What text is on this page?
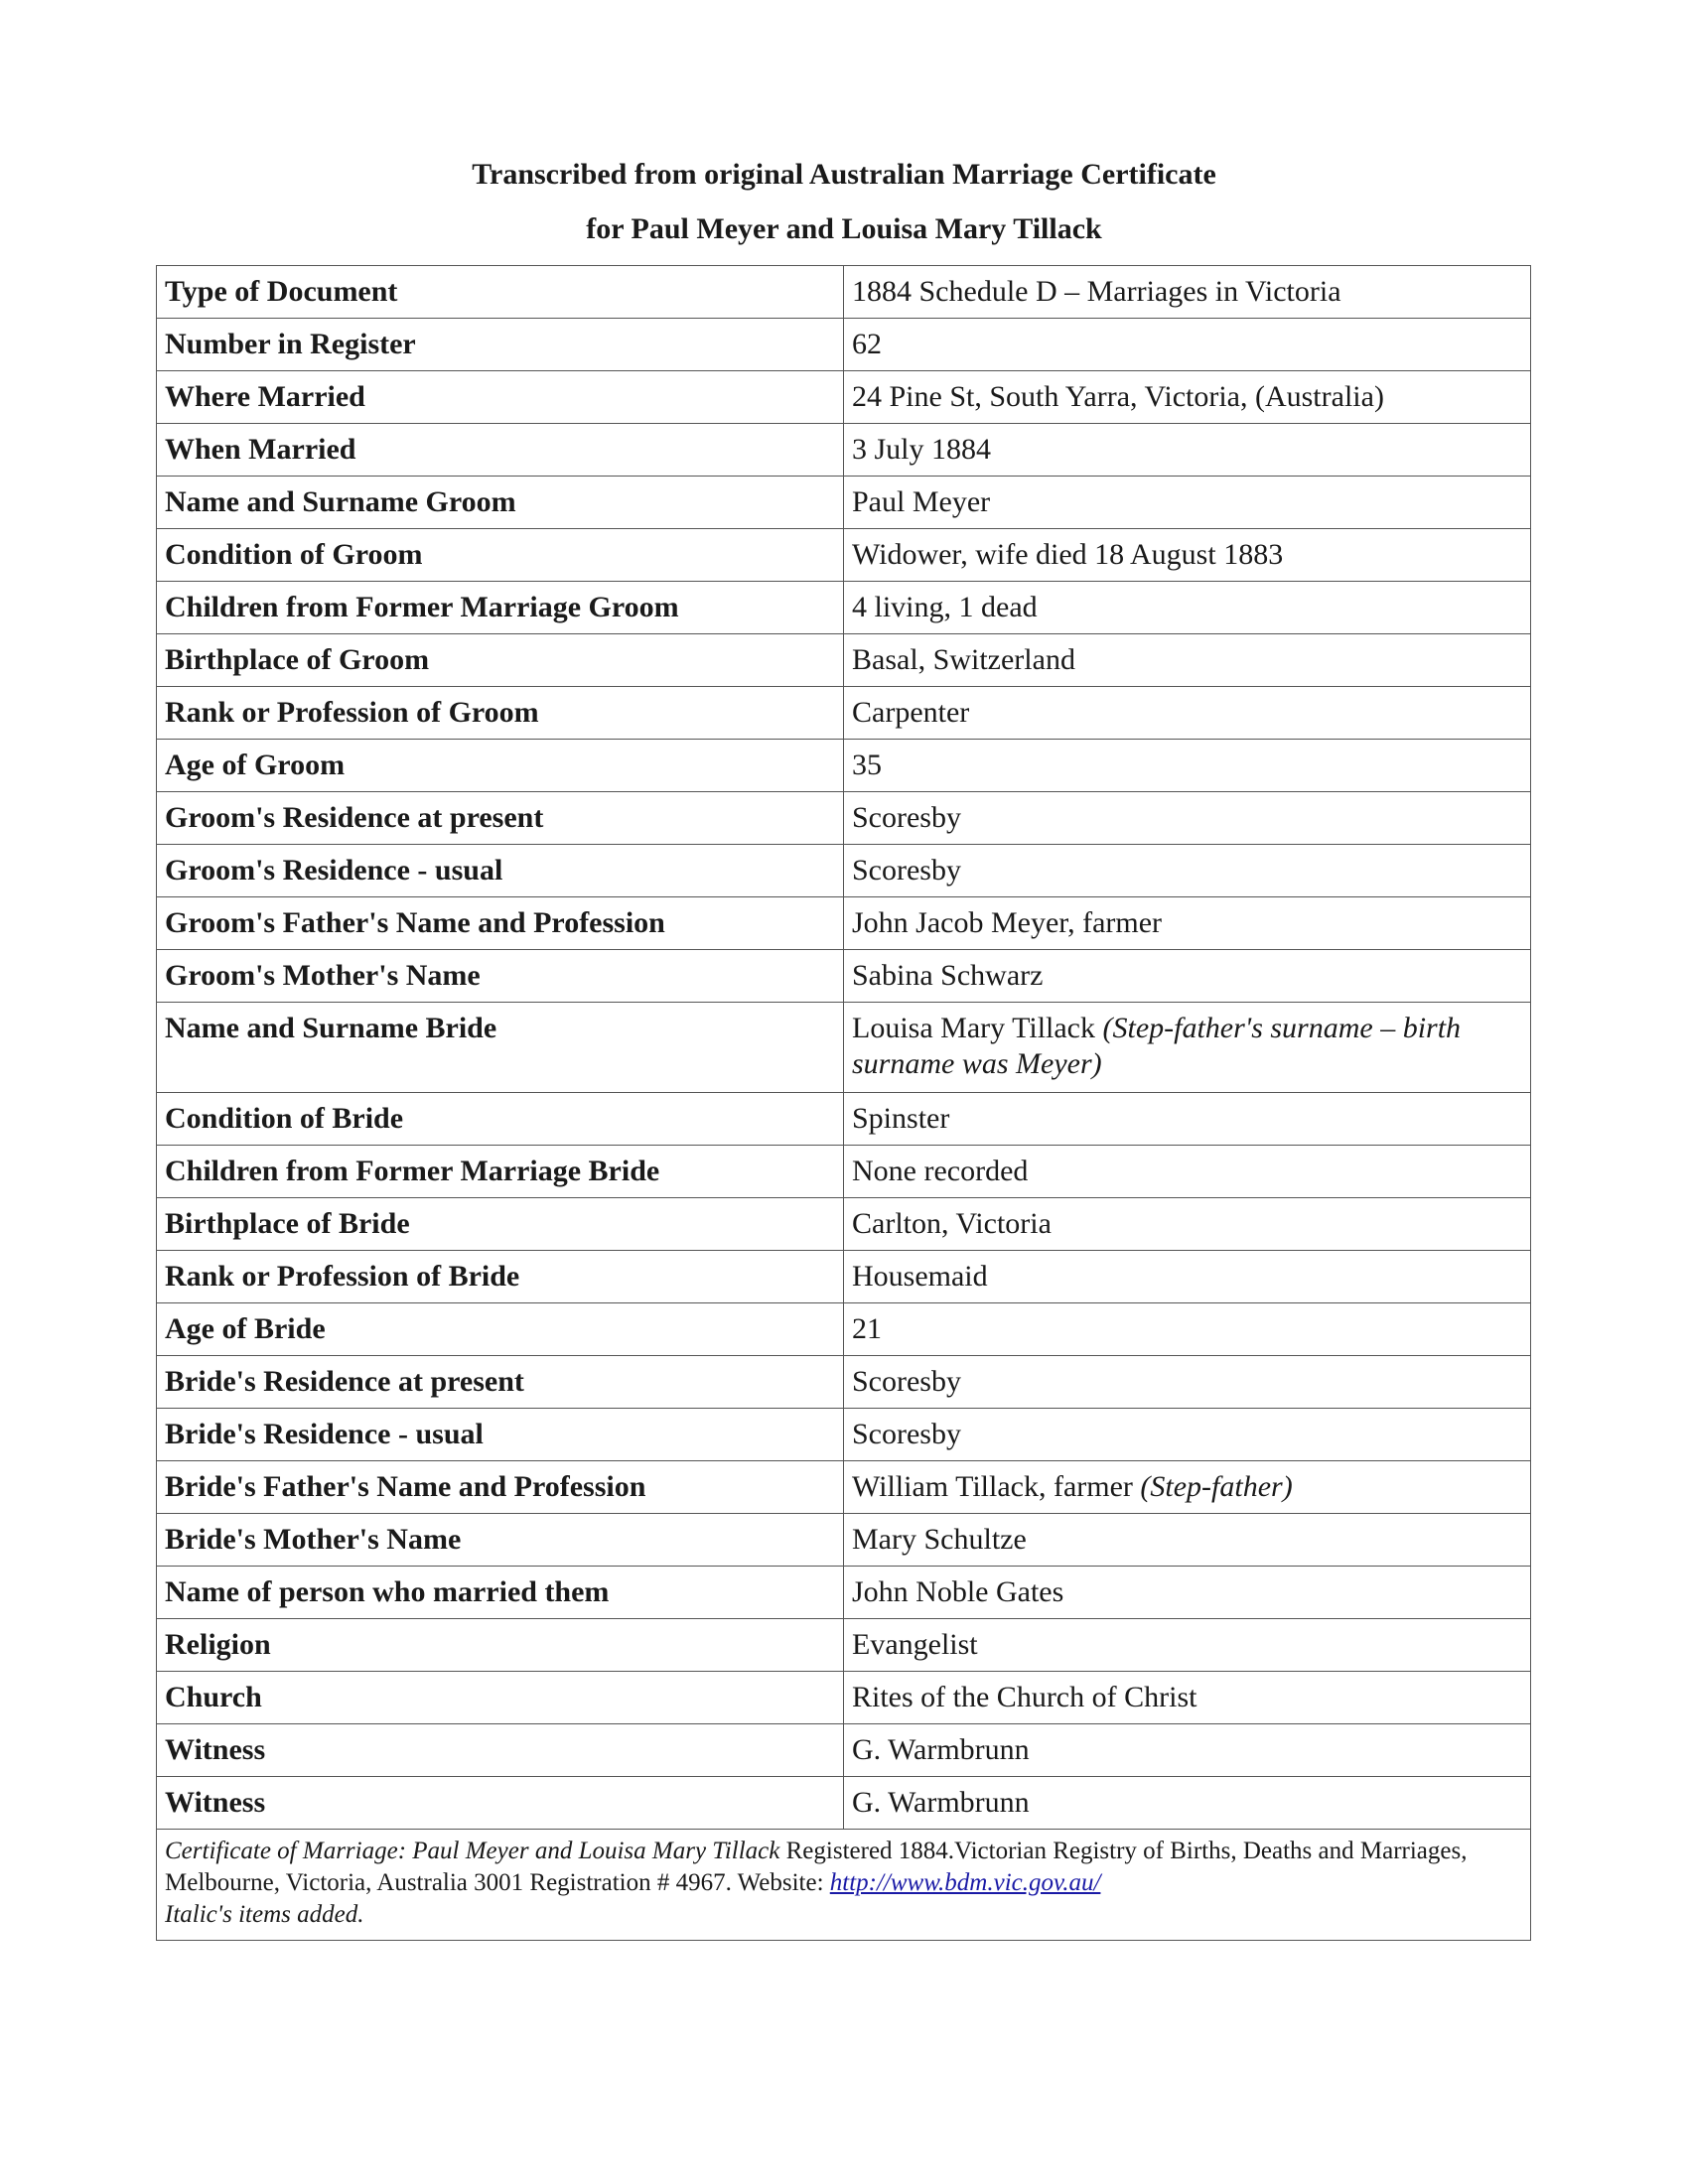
Transcribed from original Australian Marriage Certificate

for Paul Meyer and Louisa Mary Tillack

Type of Document	1884 Schedule D – Marriages in Victoria
Number in Register	62
Where Married	24 Pine St, South Yarra, Victoria, (Australia)
When Married	3 July 1884
Name and Surname Groom	Paul Meyer
Condition of Groom	Widower, wife died 18 August 1883
Children from Former Marriage Groom	4 living, 1 dead
Birthplace of Groom	Basal, Switzerland
Rank or Profession of Groom	Carpenter
Age of Groom	35
Groom's Residence at present	Scoresby
Groom's Residence - usual	Scoresby
Groom's Father's Name and Profession	John Jacob Meyer, farmer
Groom's Mother's Name	Sabina Schwarz
Name and Surname Bride	Louisa Mary Tillack (Step-father's surname – birth surname was Meyer)
Condition of Bride	Spinster
Children from Former Marriage Bride	None recorded
Birthplace of Bride	Carlton, Victoria
Rank or Profession of Bride	Housemaid
Age of Bride	21
Bride's Residence at present	Scoresby
Bride's Residence - usual	Scoresby
Bride's Father's Name and Profession	William Tillack, farmer (Step-father)
Bride's Mother's Name	Mary Schultze
Name of person who married them	John Noble Gates
Religion	Evangelist
Church	Rites of the Church of Christ
Witness	G. Warmbrunn
Witness	G. Warmbrunn
Certificate of Marriage: Paul Meyer and Louisa Mary Tillack Registered 1884.Victorian Registry of Births, Deaths and Marriages, Melbourne, Victoria, Australia 3001 Registration # 4967. Website: http://www.bdm.vic.gov.au/
Italic's items added.	
